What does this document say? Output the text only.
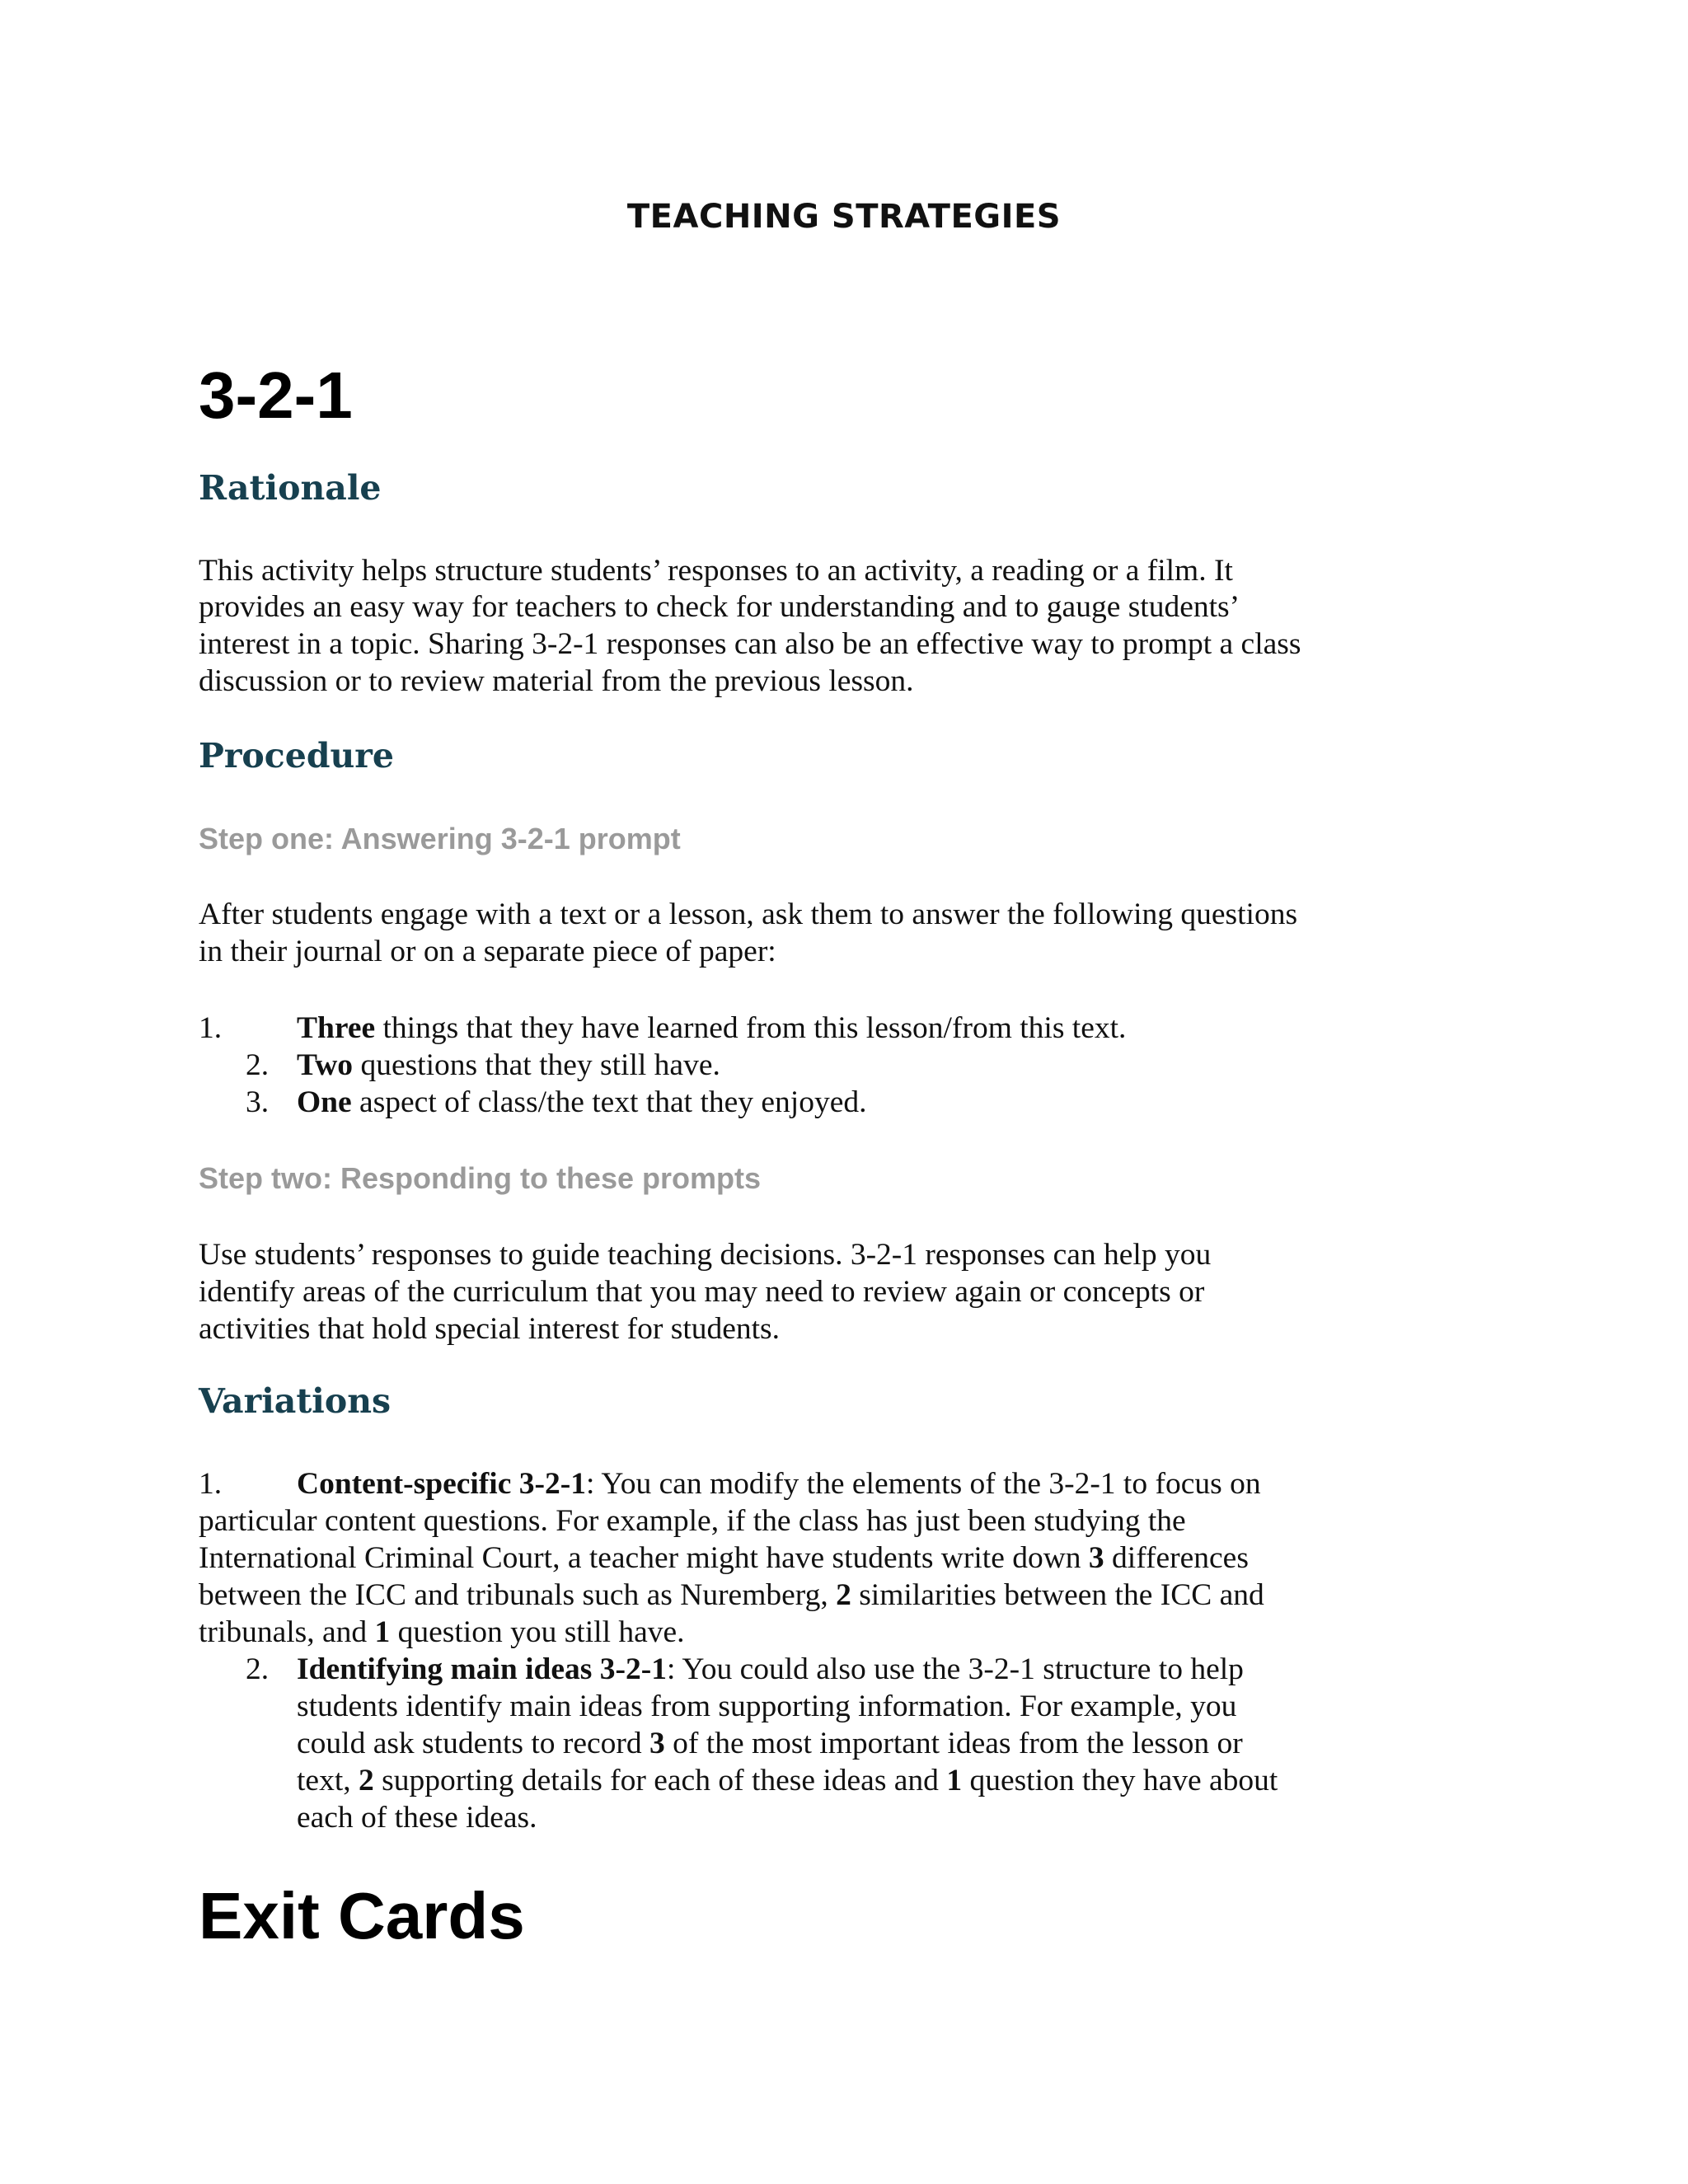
TEACHING STRATEGIES
3-2-1
Rationale
This activity helps structure students’ responses to an activity, a reading or a film. It
provides an easy way for teachers to check for understanding and to gauge students’
interest in a topic. Sharing 3-2-1 responses can also be an effective way to prompt a class
discussion or to review material from the previous lesson.
Procedure
Step one: Answering 3-2-1 prompt
After students engage with a text or a lesson, ask them to answer the following questions
in their journal or on a separate piece of paper:
1. Three things that they have learned from this lesson/from this text.
2. Two questions that they still have.
3. One aspect of class/the text that they enjoyed.
Step two: Responding to these prompts
Use students’ responses to guide teaching decisions. 3-2-1 responses can help you
identify areas of the curriculum that you may need to review again or concepts or
activities that hold special interest for students.
Variations
1. Content-specific 3-2-1: You can modify the elements of the 3-2-1 to focus on
particular content questions. For example, if the class has just been studying the
International Criminal Court, a teacher might have students write down 3 differences
between the ICC and tribunals such as Nuremberg, 2 similarities between the ICC and
tribunals, and 1 question you still have.
2. Identifying main ideas 3-2-1: You could also use the 3-2-1 structure to help
students identify main ideas from supporting information. For example, you
could ask students to record 3 of the most important ideas from the lesson or
text, 2 supporting details for each of these ideas and 1 question they have about
each of these ideas.
Exit Cards
